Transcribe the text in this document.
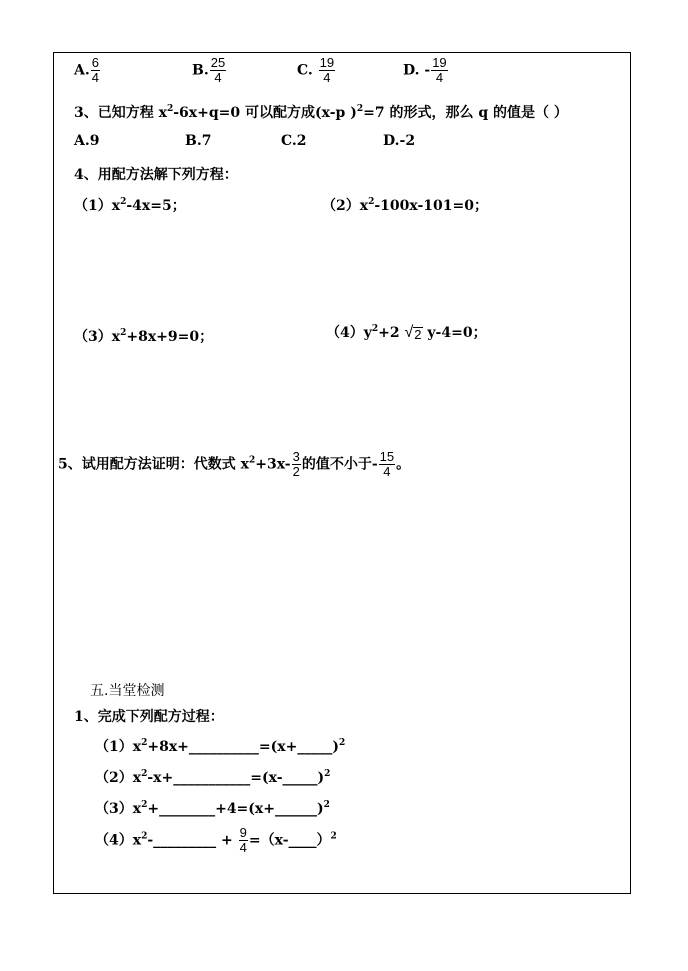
A. $\frac{6}{4}$	B. $\frac{25}{4}$	C. $\frac{19}{4}$	D. - $\frac{19}{4}$
3、已知方程 $x^2-6x+q=0$ 可以配方成(x-p )$^2$=7 的形式，那么 q 的值是（ ）
A.9	B.7	C.2	D.-2
4、用配方法解下列方程：
$(1)x^2-4x=5$；	$(2)x^2-100x-101=0$；
$(3)x^2+8x+9=0$；	$(4)y^2+2$ √ 2 y-4=0；
5、试用配方法证明：代数式 $x^2+3x- \frac{3}{2}$ 的值不小于- $\frac{15}{4}$ 。
五.当堂检测
1、完成下列配方过程：
$(1)x^2+8x+\_\_\_\_\_\_\_\_\_\_=(x+\_\_\_\_\_)^2$
$(2)x^2-x+\_\_\_\_\_\_\_\_\_\_\_=(x-\_\_\_\_\_)^2$
$(3)x^2+\_\_\_\_\_\_\_\_+4=(x+\_\_\_\_\_\_)^2$
$(4)x^2-\_\_\_\_\_\_\_\_\_ + \frac{9}{4}$ =（x-____）$^2$
